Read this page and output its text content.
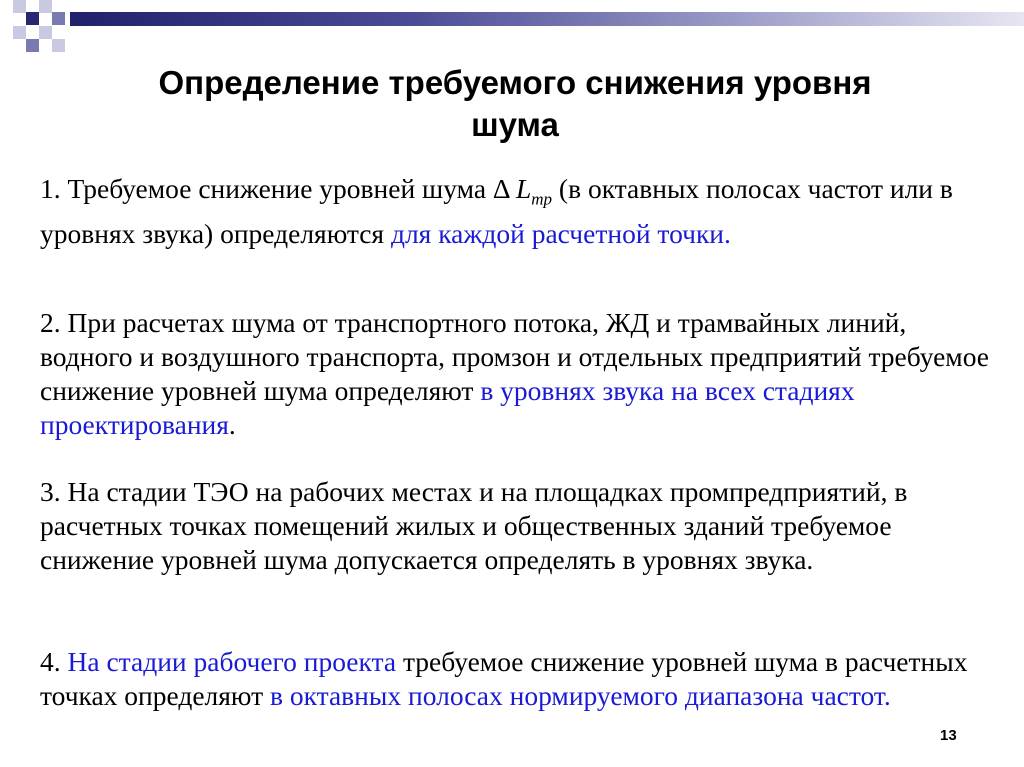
Определение требуемого снижения уровня
шума

1. Требуемое снижение уровней шума Δ $L_{тр}$ (в октавных полосах частот или в уровнях звука) определяются для каждой расчетной точки.

2. При расчетах шума от транспортного потока, ЖД и трамвайных линий, водного и воздушного транспорта, промзон и отдельных предприятий требуемое снижение уровней шума определяют в уровнях звука на всех стадиях проектирования.

3. На стадии ТЭО на рабочих местах и на площадках промпредприятий, в расчетных точках помещений жилых и общественных зданий требуемое снижение уровней шума допускается определять в уровнях звука.

4. На стадии рабочего проекта требуемое снижение уровней шума в расчетных точках определяют в октавных полосах нормируемого диапазона частот.

13
